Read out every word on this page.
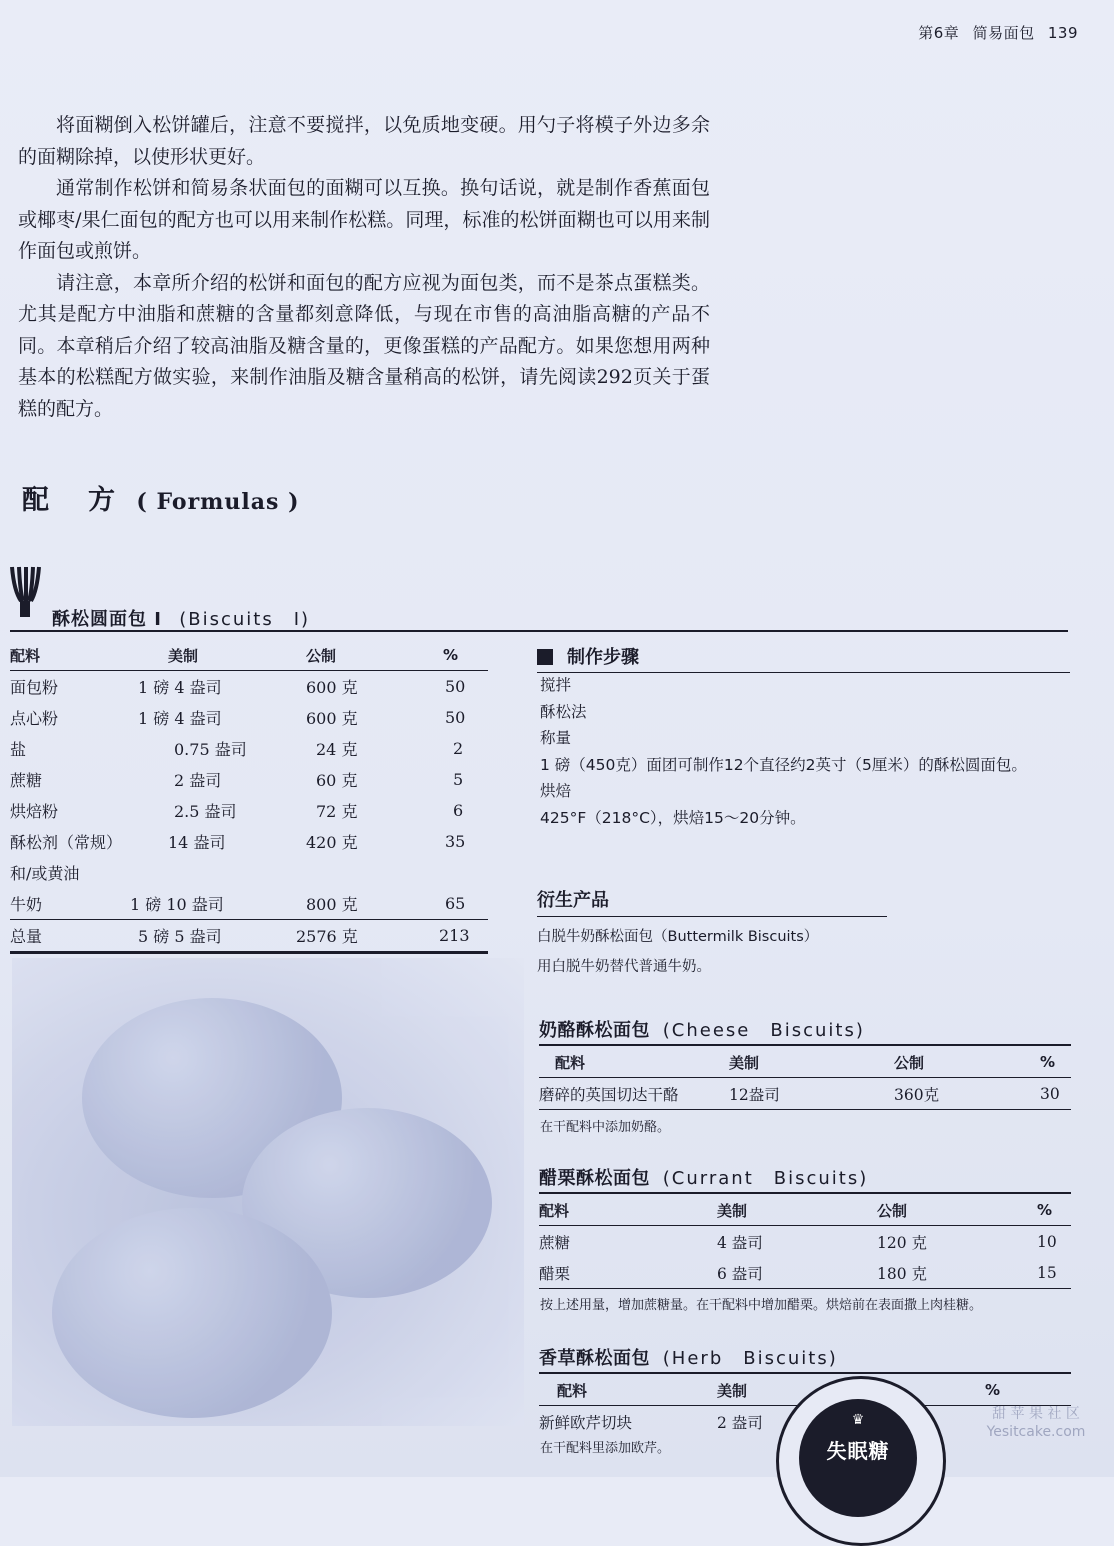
第6章 简易面包 139

将面糊倒入松饼罐后，注意不要搅拌，以免质地变硬。用勺子将模子外边多余的面糊除掉，以使形状更好。

通常制作松饼和简易条状面包的面糊可以互换。换句话说，就是制作香蕉面包或椰枣/果仁面包的配方也可以用来制作松糕。同理，标准的松饼面糊也可以用来制作面包或煎饼。

请注意，本章所介绍的松饼和面包的配方应视为面包类，而不是茶点蛋糕类。尤其是配方中油脂和蔗糖的含量都刻意降低，与现在市售的高油脂高糖的产品不同。本章稍后介绍了较高油脂及糖含量的，更像蛋糕的产品配方。如果您想用两种基本的松糕配方做实验，来制作油脂及糖含量稍高的松饼，请先阅读292页关于蛋糕的配方。

配　方 ( Formulas )
酥松圆面包 I (Biscuits　I)
配料	美制	公制	%
面包粉	1 磅 4 盎司	600 克	50
点心粉	1 磅 4 盎司	600 克	50
盐	0.75 盎司	24 克	2
蔗糖	2 盎司	60 克	5
烘焙粉	2.5 盎司	72 克	6
酥松剂（常规）	14 盎司	420 克	35
和/或黄油			
牛奶	1 磅 10 盎司	800 克	65
总量	5 磅 5 盎司	2576 克	213
制作步骤
搅拌
酥松法
称量
1 磅（450克）面团可制作12个直径约2英寸（5厘米）的酥松圆面包。
烘焙
425°F（218°C），烘焙15～20分钟。
衍生产品
白脱牛奶酥松面包（Buttermilk Biscuits）
用白脱牛奶替代普通牛奶。
奶酪酥松面包 (Cheese　Biscuits)
配料	美制	公制	%
磨碎的英国切达干酪	12盎司	360克	30
在干配料中添加奶酪。
醋栗酥松面包 (Currant　Biscuits)
配料	美制	公制	%
蔗糖	4 盎司	120 克	10
醋栗	6 盎司	180 克	15
按上述用量，增加蔗糖量。在干配料中增加醋栗。烘焙前在表面撒上肉桂糖。
香草酥松面包 (Herb　Biscuits)
配料	美制	%
新鲜欧芹切块	2 盎司	
在干配料里添加欧芹。
♛
失眠糖
甜 苹 果 社 区
Yesitcake.com
